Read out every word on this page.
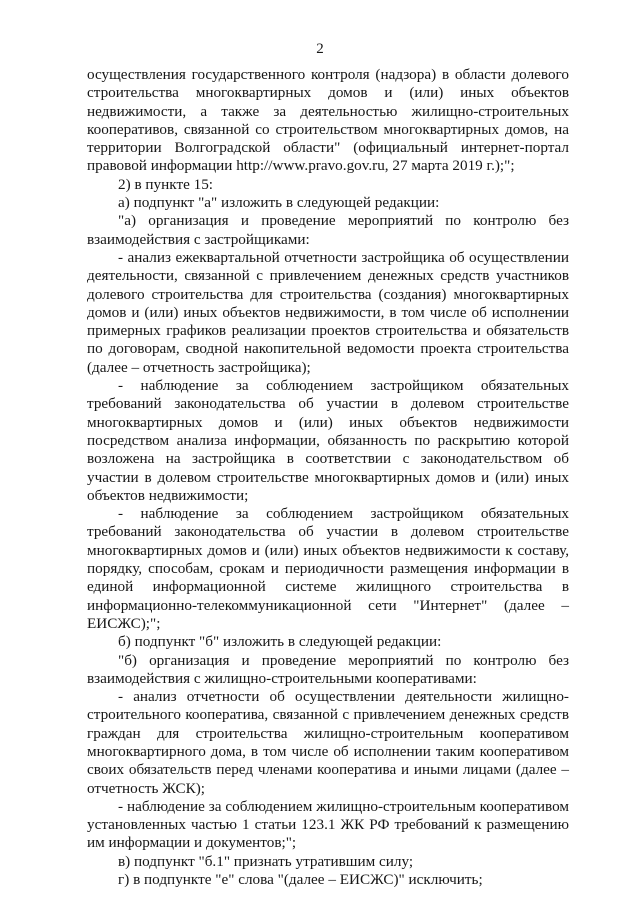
2

осуществления государственного контроля (надзора) в области долевого строительства многоквартирных домов и (или) иных объектов недвижимости, а также за деятельностью жилищно-строительных кооперативов, связанной со строительством многоквартирных домов, на территории Волгоградской области" (официальный интернет-портал правовой информации http://www.pravo.gov.ru, 27 марта 2019 г.);";

2) в пункте 15:

а) подпункт "а" изложить в следующей редакции:

"а) организация и проведение мероприятий по контролю без взаимодействия с застройщиками:

- анализ ежеквартальной отчетности застройщика об осуществлении деятельности, связанной с привлечением денежных средств участников долевого строительства для строительства (создания) многоквартирных домов и (или) иных объектов недвижимости, в том числе об исполнении примерных графиков реализации проектов строительства и обязательств по договорам, сводной накопительной ведомости проекта строительства (далее – отчетность застройщика);

- наблюдение за соблюдением застройщиком обязательных требований законодательства об участии в долевом строительстве многоквартирных домов и (или) иных объектов недвижимости посредством анализа информации, обязанность по раскрытию которой возложена на застройщика в соответствии с законодательством об участии в долевом строительстве многоквартирных домов и (или) иных объектов недвижимости;

- наблюдение за соблюдением застройщиком обязательных требований законодательства об участии в долевом строительстве многоквартирных домов и (или) иных объектов недвижимости к составу, порядку, способам, срокам и периодичности размещения информации в единой информационной системе жилищного строительства в информационно-телекоммуникационной сети "Интернет" (далее – ЕИСЖС);";

б) подпункт "б" изложить в следующей редакции:

"б) организация и проведение мероприятий по контролю без взаимодействия с жилищно-строительными кооперативами:

- анализ отчетности об осуществлении деятельности жилищно-строительного кооператива, связанной с привлечением денежных средств граждан для строительства жилищно-строительным кооперативом многоквартирного дома, в том числе об исполнении таким кооперативом своих обязательств перед членами кооператива и иными лицами (далее – отчетность ЖСК);

- наблюдение за соблюдением жилищно-строительным кооперативом установленных частью 1 статьи 123.1 ЖК РФ требований к размещению им информации и документов;";

в) подпункт "б.1" признать утратившим силу;

г) в подпункте "е" слова "(далее – ЕИСЖС)" исключить;
